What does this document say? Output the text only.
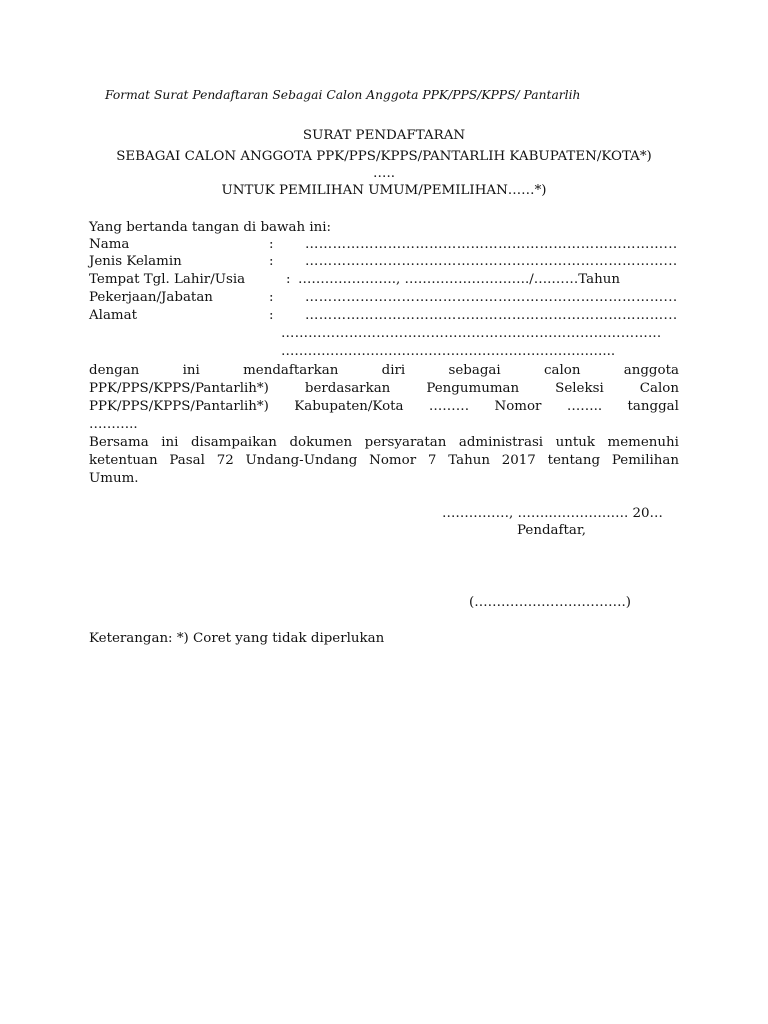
Format Surat Pendaftaran Sebagai Calon Anggota PPK/PPS/KPPS/ Pantarlih
SURAT PENDAFTARAN
SEBAGAI CALON ANGGOTA PPK/PPS/KPPS/PANTARLIH KABUPATEN/KOTA*)
…..
UNTUK PEMILIHAN UMUM/PEMILIHAN……*)
Yang bertanda tangan di bawah ini:
Nama	: ……………………………………………………………………...
Jenis Kelamin	: ……………………………………………………………………...
Tempat Tgl. Lahir/Usia	: …………………., ………………………./….……Tahun
Pekerjaan/Jabatan	: ……………………………………………………………………...
Alamat	: ……………………………………………………………………...
………………………………………………………………………...
………………………………………………………………...
dengan	ini	mendaftarkan	diri	sebagai	calon	anggota
PPK/PPS/KPPS/Pantarlih*)	berdasarkan	Pengumuman	Seleksi	Calon
PPK/PPS/KPPS/Pantarlih*) Kabupaten/Kota ……… Nomor …….. tanggal
………..
Bersama ini disampaikan dokumen persyaratan administrasi untuk memenuhi
ketentuan Pasal 72 Undang-Undang Nomor 7 Tahun 2017 tentang Pemilihan
Umum.
……………, ……..………….…. 20…
Pendaftar,
(…………………………….)
Keterangan: *) Coret yang tidak diperlukan
